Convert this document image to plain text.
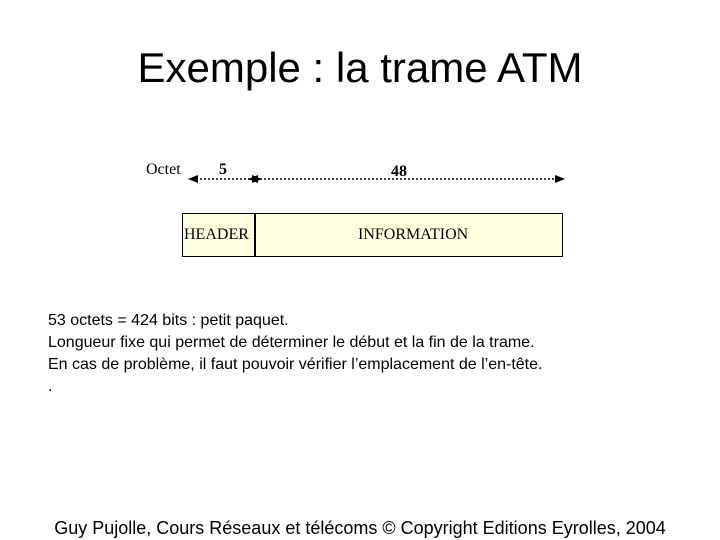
Exemple : la trame ATM
Octet 5	48
HEADER	INFORMATION
53 octets = 424 bits : petit paquet.
Longueur fixe qui permet de déterminer le début et la fin de la trame.
En cas de problème, il faut pouvoir vérifier l’emplacement de l’en-tête.
.
Guy Pujolle, Cours Réseaux et télécoms © Copyright Editions Eyrolles, 2004
